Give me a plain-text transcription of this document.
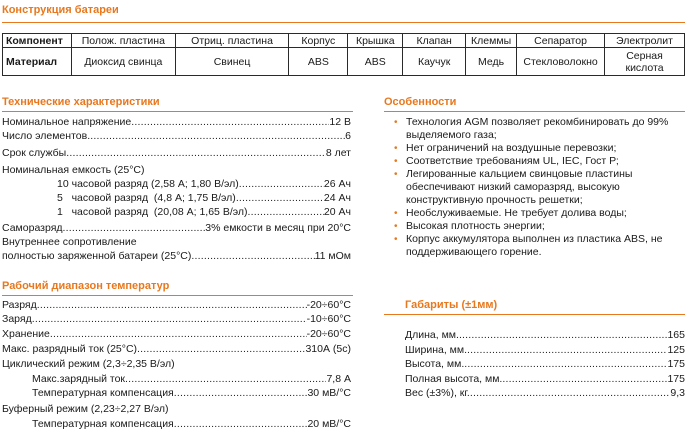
Конструкция батареи
Компонент	Полож. пластина	Отриц. пластина	Корпус	Крышка	Клапан	Клеммы	Сепаратор	Электролит
Материал	Диоксид свинца	Свинец	ABS	ABS	Каучук	Медь	Стекловолокно	Серная кислота
Технические характеристики
Номинальное напряжение .....	12 В
Число элементов .....	6
Срок службы .....	8 лет
Номинальная емкость (25°С)
10 часовой разряд (2,58 А; 1,80 В/эл) .....	26 Ач
5   часовой разряд  (4,8 А; 1,75 В/эл) .....	24 Ач
1   часовой разряд  (20,08 А; 1,65 В/эл) .....	20 Ач
Саморазряд .....	3% емкости в месяц при 20°С
Внутреннее сопротивление
полностью заряженной батареи (25°С) .....	11 мОм
Рабочий диапазон температур
Разряд .....	-20÷60°С
Заряд .....	-10÷60°С
Хранение .....	-20÷60°С
Макс. разрядный ток (25°С) .....	310А (5с)
Циклический режим (2,3÷2,35 В/эл)
Макс.зарядный ток .....	7,8 А
Температурная компенсация .....	30 мВ/°С
Буферный режим (2,23÷2,27 В/эл)
Температурная компенсация .....	20 мВ/°С
Особенности
• Технология AGM позволяет рекомбинировать до 99% выделяемого газа;
• Нет ограничений на воздушные перевозки;
• Соответствие требованиям UL, IEC, Гост Р;
• Легированные кальцием свинцовые пластины обеспечивают низкий саморазряд, высокую конструктивную прочность решетки;
• Необслуживаемые. Не требует долива воды;
• Высокая плотность энергии;
• Корпус аккумулятора выполнен из пластика ABS, не поддерживающего горение.
Габариты (±1мм)
Длина, мм. .....	165
Ширина, мм. .....	125
Высота, мм. .....	175
Полная высота, мм. .....	175
Вес (±3%), кг. .....	9,3
